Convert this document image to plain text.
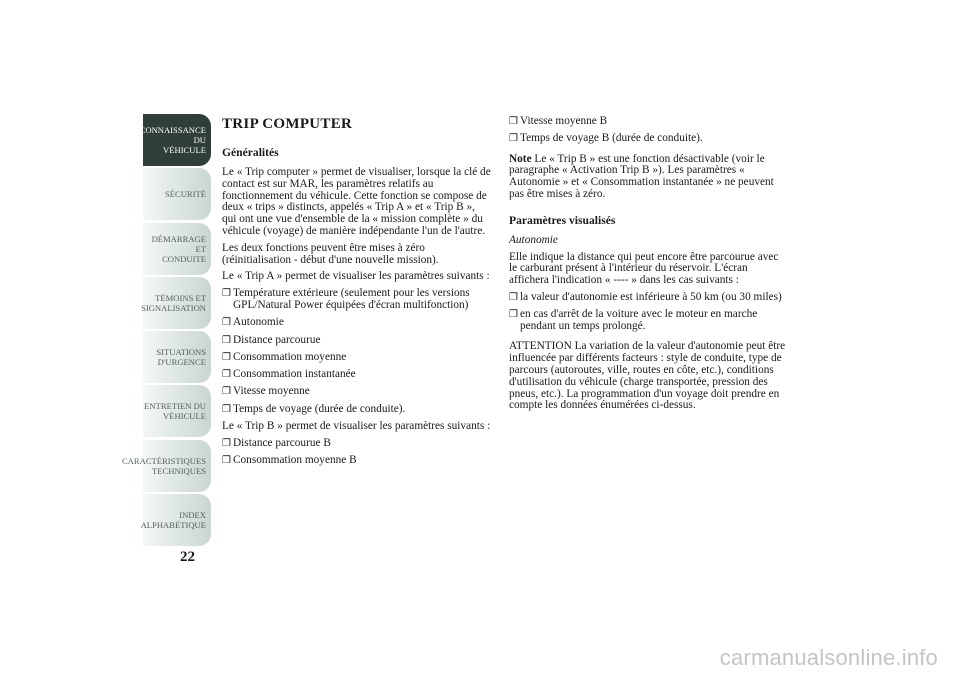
CONNAISSANCE DU
VÉHICULE
SÉCURITÉ
DÉMARRAGE ET
CONDUITE
TÉMOINS ET
SIGNALISATION
SITUATIONS
D'URGENCE
ENTRETIEN DU
VÉHICULE
CARACTÉRISTIQUES
TECHNIQUES
INDEX
ALPHABÉTIQUE
22
TRIP COMPUTER
Généralités

Le « Trip computer » permet de visualiser, lorsque la clé de contact est sur MAR, les paramètres relatifs au fonctionnement du véhicule. Cette fonction se compose de deux « trips » distincts, appelés « Trip A » et « Trip B », qui ont une vue d'ensemble de la « mission complète » du véhicule (voyage) de manière indépendante l'un de l'autre.

Les deux fonctions peuvent être mises à zéro (réinitialisation - début d'une nouvelle mission).

Le « Trip A » permet de visualiser les paramètres suivants :

❐ Température extérieure (seulement pour les versions GPL/Natural Power équipées d'écran multifonction)
❐ Autonomie
❐ Distance parcourue
❐ Consommation moyenne
❐ Consommation instantanée
❐ Vitesse moyenne
❐ Temps de voyage (durée de conduite).

Le « Trip B » permet de visualiser les paramètres suivants :

❐ Distance parcourue B
❐ Consommation moyenne B
❐ Vitesse moyenne B
❐ Temps de voyage B (durée de conduite).

Note Le « Trip B » est une fonction désactivable (voir le paragraphe « Activation Trip B »). Les paramètres « Autonomie » et « Consommation instantanée » ne peuvent pas être mises à zéro.

Paramètres visualisés
Autonomie

Elle indique la distance qui peut encore être parcourue avec le carburant présent à l'intérieur du réservoir. L'écran affichera l'indication « ---- » dans les cas suivants :

❐ la valeur d'autonomie est inférieure à 50 km (ou 30 miles)
❐ en cas d'arrêt de la voiture avec le moteur en marche pendant un temps prolongé.

ATTENTION La variation de la valeur d'autonomie peut être influencée par différents facteurs : style de conduite, type de parcours (autoroutes, ville, routes en côte, etc.), conditions d'utilisation du véhicule (charge transportée, pression des pneus, etc.). La programmation d'un voyage doit prendre en compte les données énumérées ci-dessus.

carmanualsonline.info
